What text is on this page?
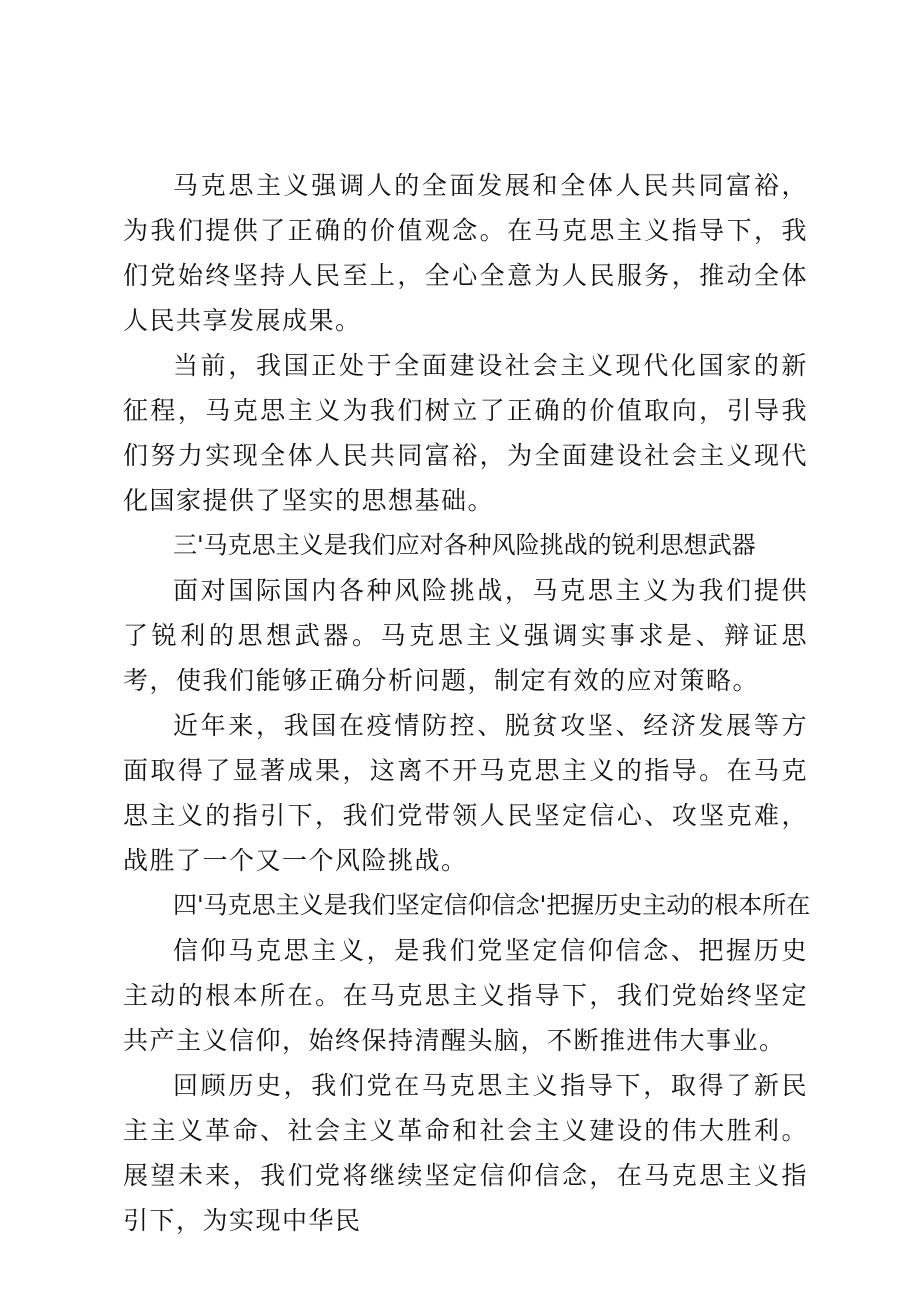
马克思主义强调人的全面发展和全体人民共同富裕，为我们提供了正确的价值观念。在马克思主义指导下，我们党始终坚持人民至上，全心全意为人民服务，推动全体人民共享发展成果。

当前，我国正处于全面建设社会主义现代化国家的新征程，马克思主义为我们树立了正确的价值取向，引导我们努力实现全体人民共同富裕，为全面建设社会主义现代化国家提供了坚实的思想基础。

三'马克思主义是我们应对各种风险挑战的锐利思想武器

面对国际国内各种风险挑战，马克思主义为我们提供了锐利的思想武器。马克思主义强调实事求是、辩证思考，使我们能够正确分析问题，制定有效的应对策略。

近年来，我国在疫情防控、脱贫攻坚、经济发展等方面取得了显著成果，这离不开马克思主义的指导。在马克思主义的指引下，我们党带领人民坚定信心、攻坚克难，战胜了一个又一个风险挑战。

四'马克思主义是我们坚定信仰信念'把握历史主动的根本所在

信仰马克思主义，是我们党坚定信仰信念、把握历史主动的根本所在。在马克思主义指导下，我们党始终坚定共产主义信仰，始终保持清醒头脑，不断推进伟大事业。

回顾历史，我们党在马克思主义指导下，取得了新民主主义革命、社会主义革命和社会主义建设的伟大胜利。展望未来，我们党将继续坚定信仰信念，在马克思主义指引下，为实现中华民
